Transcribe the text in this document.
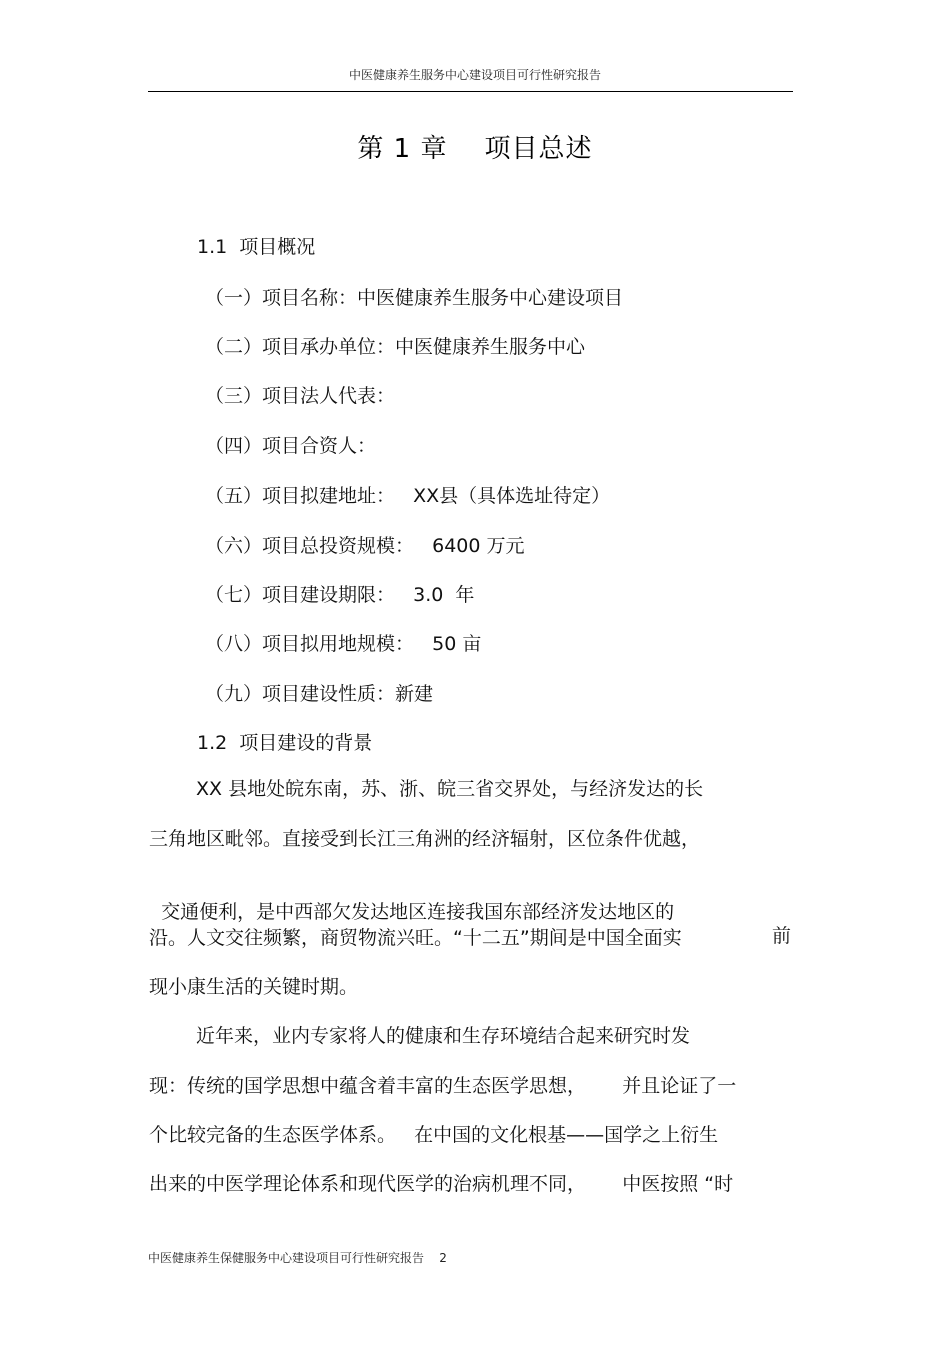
中医健康养生服务中心建设项目可行性研究报告
第 1 章    项目总述
1.1  项目概况
（一）项目名称：中医健康养生服务中心建设项目
（二）项目承办单位：中医健康养生服务中心
（三）项目法人代表：
（四）项目合资人：
（五）项目拟建地址：   XX县（具体选址待定）
（六）项目总投资规模：   6400 万元
（七）项目建设期限：   3.0  年
（八）项目拟用地规模：   50 亩
（九）项目建设性质：新建
1.2  项目建设的背景
XX 县地处皖东南，苏、浙、皖三省交界处，与经济发达的长
三角地区毗邻。直接受到长江三角洲的经济辐射，区位条件优越，

交通便利，是中西部欠发达地区连接我国东部经济发达地区的

前

沿。人文交往频繁，商贸物流兴旺。“十二五”期间是中国全面实
现小康生活的关键时期。
近年来，业内专家将人的健康和生存环境结合起来研究时发
现：传统的国学思想中蕴含着丰富的生态医学思想，      并且论证了一
个比较完备的生态医学体系。   在中国的文化根基——国学之上衍生
出来的中医学理论体系和现代医学的治病机理不同，      中医按照 “时
中医健康养生保健服务中心建设项目可行性研究报告    2
